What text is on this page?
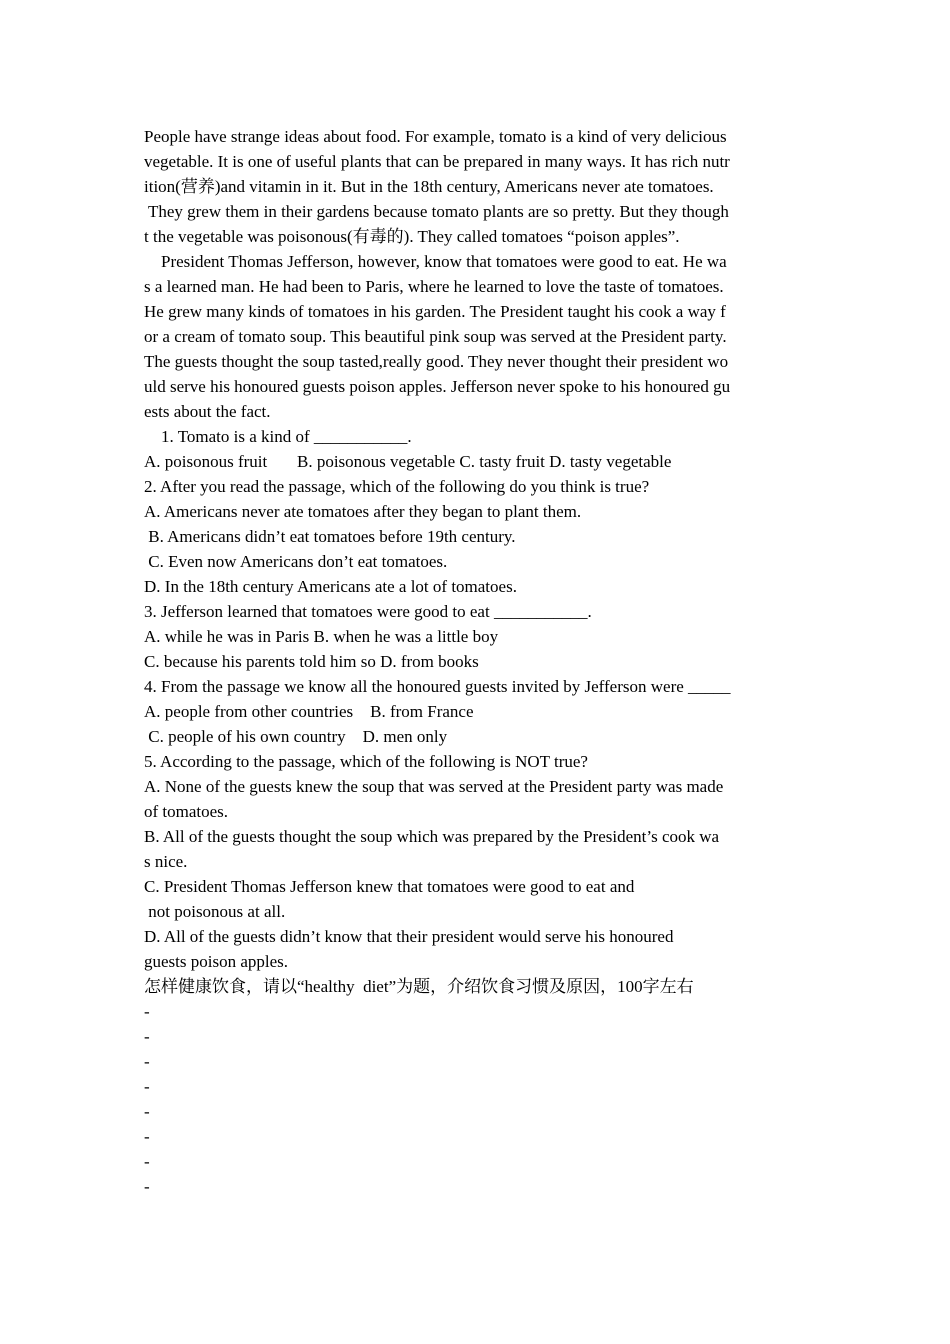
People have strange ideas about food. For example, tomato is a kind of very delicious
vegetable. It is one of useful plants that can be prepared in many ways. It has rich nutr
ition(营养)and vitamin in it. But in the 18th century, Americans never ate tomatoes.
They grew them in their gardens because tomato plants are so pretty. But they though
t the vegetable was poisonous(有毒的). They called tomatoes “poison apples”.
President Thomas Jefferson, however, know that tomatoes were good to eat. He wa
s a learned man. He had been to Paris, where he learned to love the taste of tomatoes.
He grew many kinds of tomatoes in his garden. The President taught his cook a way f
or a cream of tomato soup. This beautiful pink soup was served at the President party.
The guests thought the soup tasted,really good. They never thought their president wo
uld serve his honoured guests poison apples. Jefferson never spoke to his honoured gu
ests about the fact.
1. Tomato is a kind of ___________.
A. poisonous fruit       B. poisonous vegetable C. tasty fruit D. tasty vegetable
2. After you read the passage, which of the following do you think is true?
A. Americans never ate tomatoes after they began to plant them.
B. Americans didn’t eat tomatoes before 19th century.
C. Even now Americans don’t eat tomatoes.
D. In the 18th century Americans ate a lot of tomatoes.
3. Jefferson learned that tomatoes were good to eat ___________.
A. while he was in Paris B. when he was a little boy
C. because his parents told him so D. from books
4. From the passage we know all the honoured guests invited by Jefferson were _____
A. people from other countries    B. from France
C. people of his own country    D. men only
5. According to the passage, which of the following is NOT true?
A. None of the guests knew the soup that was served at the President party was made
of tomatoes.
B. All of the guests thought the soup which was prepared by the President’s cook wa
s nice.
C. President Thomas Jefferson knew that tomatoes were good to eat and
not poisonous at all.
D. All of the guests didn’t know that their president would serve his honoured
guests poison apples.
怎样健康饮食，请以“healthy  diet”为题，介绍饮食习惯及原因，100字左右
-
-
-
-
-
-
-
-
